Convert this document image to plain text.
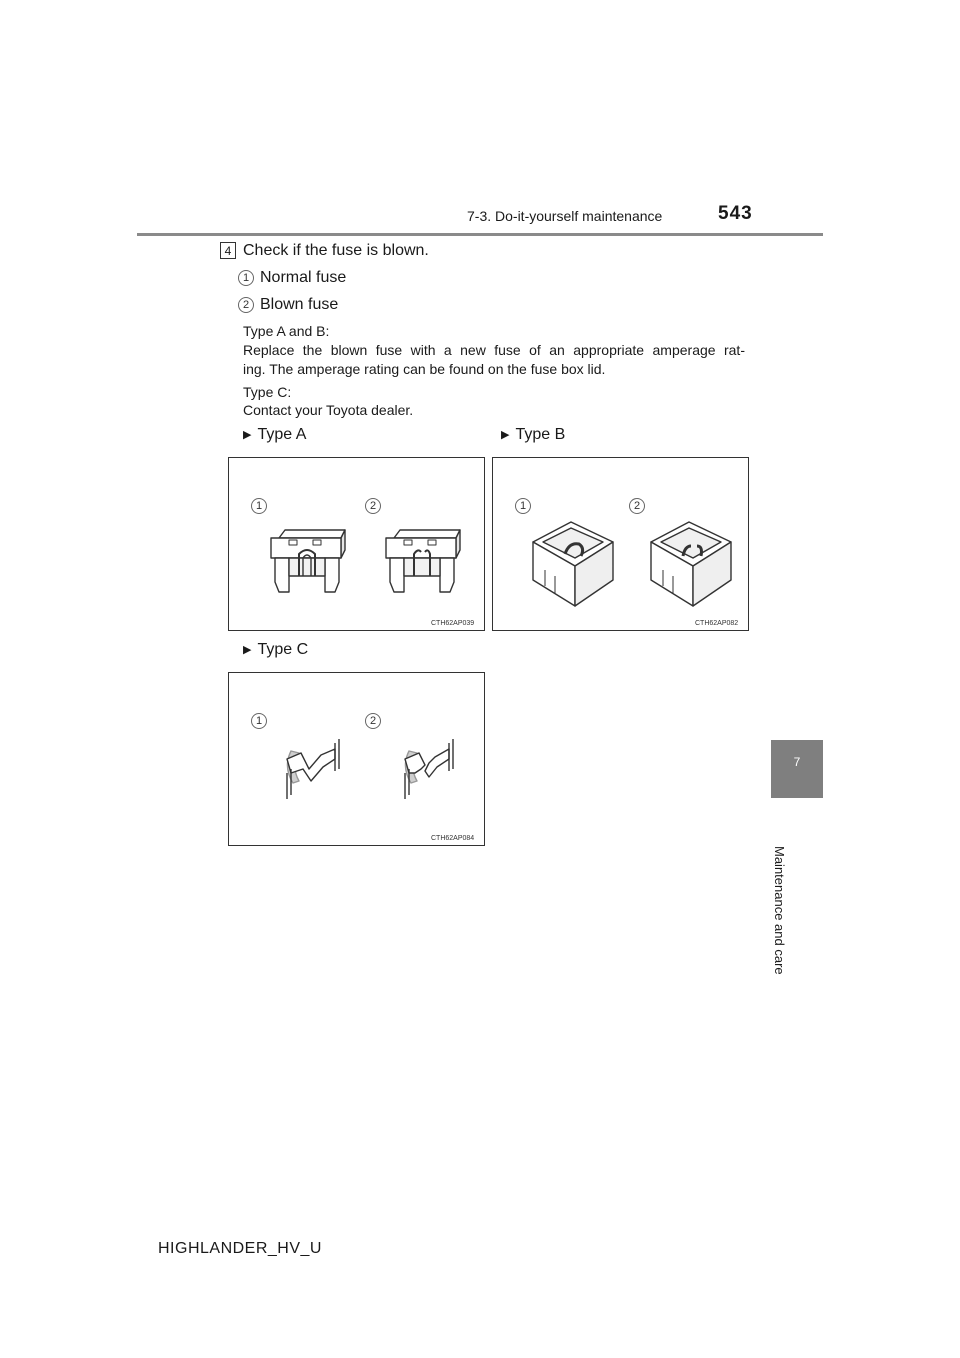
7-3. Do-it-yourself maintenance	543
7
Maintenance and care
4 Check if the fuse is blown.
1 Normal fuse
2 Blown fuse
Type A and B:
Replace the blown fuse with a new fuse of an appropriate amperage rat-
ing. The amperage rating can be found on the fuse box lid.
Type C:
Contact your Toyota dealer.
▶ Type A	▶ Type B
▶ Type C
1	2
CTH62AP039
1	2
CTH62AP082
1	2
CTH62AP084
HIGHLANDER_HV_U
